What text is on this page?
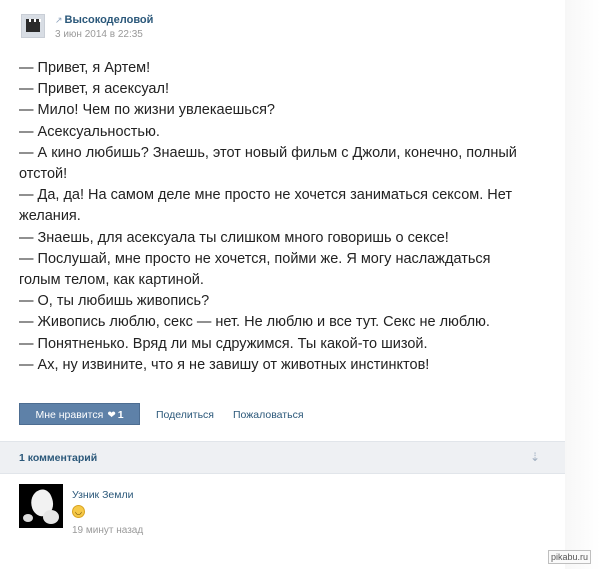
↗ Высокоделовой
3 июн 2014 в 22:35
— Привет, я Артем!
— Привет, я асексуал!
— Мило! Чем по жизни увлекаешься?
— Асексуальностью.
— А кино любишь? Знаешь, этот новый фильм с Джоли, конечно, полный
отстой!
— Да, да! На самом деле мне просто не хочется заниматься сексом. Нет
желания.
— Знаешь, для асексуала ты слишком много говоришь о сексе!
— Послушай, мне просто не хочется, пойми же. Я могу наслаждаться
голым телом, как картиной.
— О, ты любишь живопись?
— Живопись люблю, секс — нет. Не люблю и все тут. Секс не люблю.
— Понятненько. Вряд ли мы сдружимся. Ты какой-то шизой.
— Ах, ну извините, что я не завишу от животных инстинктов!
Мне нравится ❤ 1	Поделиться Пожаловаться
1 комментарий	⇣
Узник Земли
◡
19 минут назад
pikabu.ru
